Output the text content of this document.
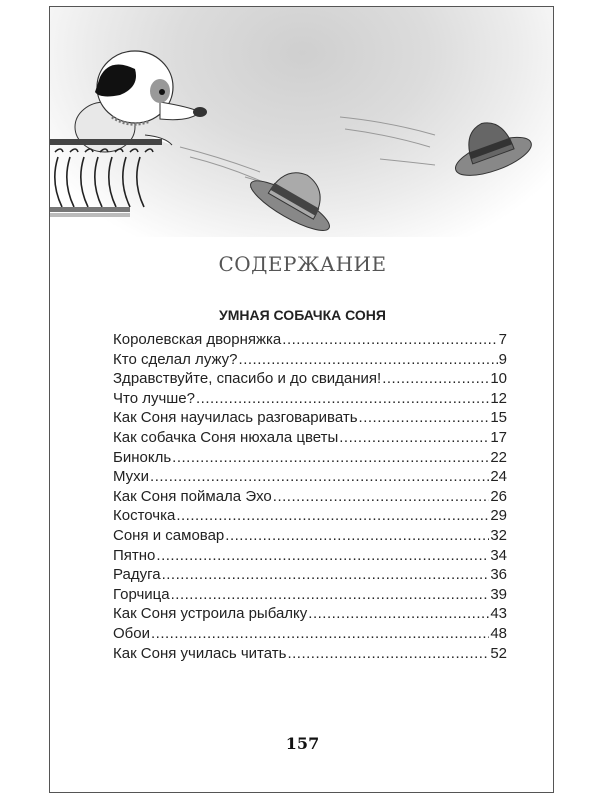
СОДЕРЖАНИЕ
УМНАЯ СОБАЧКА СОНЯ
Королевская дворняжка .....	7
Кто сделал лужу? .....	9
Здравствуйте, спасибо и до свидания! .....	10
Что лучше? .....	12
Как Соня научилась разговаривать .....	15
Как собачка Соня нюхала цветы .....	17
Бинокль .....	22
Мухи .....	24
Как Соня поймала Эхо .....	26
Косточка .....	29
Соня и самовар .....	32
Пятно .....	34
Радуга .....	36
Горчица .....	39
Как Соня устроила рыбалку .....	43
Обои .....	48
Как Соня училась читать .....	52
157
